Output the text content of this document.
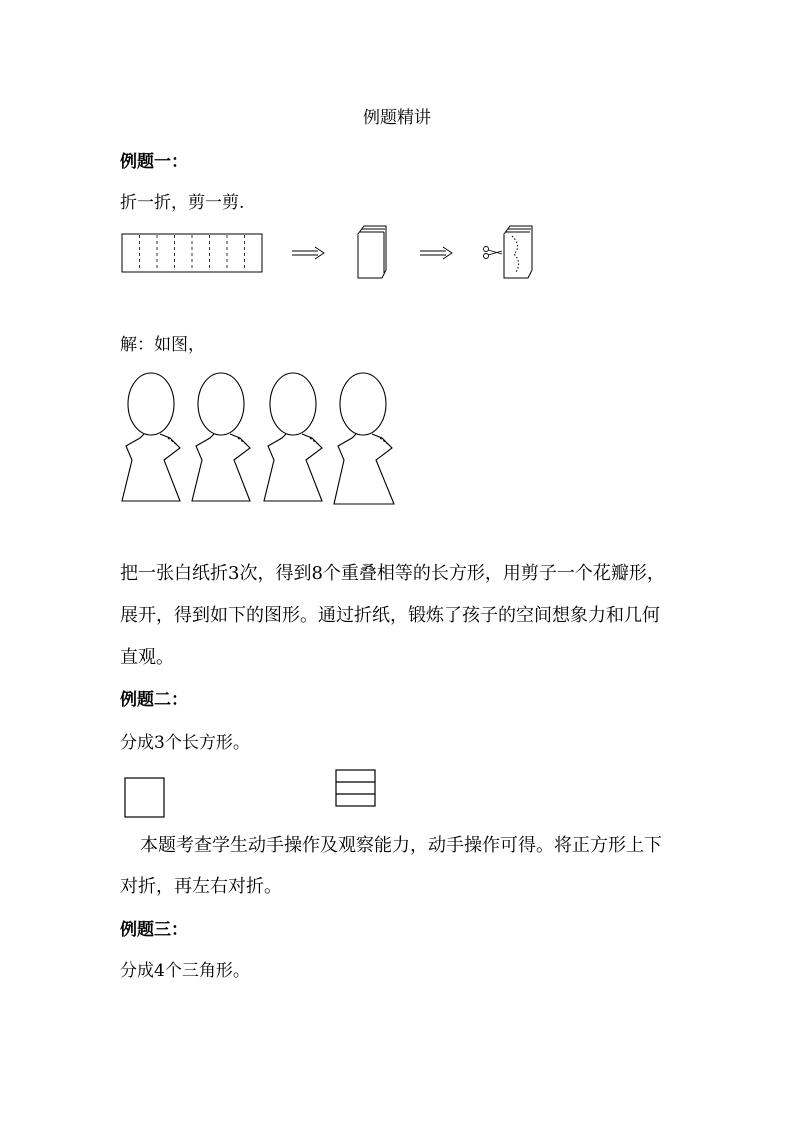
例题精讲
例题一：
折一折，剪一剪.
解：如图，
把一张白纸折3次，得到8个重叠相等的长方形，用剪子一个花瓣形，
展开，得到如下的图形。通过折纸，锻炼了孩子的空间想象力和几何
直观。
例题二：
分成3个长方形。
本题考查学生动手操作及观察能力，动手操作可得。将正方形上下
对折，再左右对折。
例题三：
分成4个三角形。
